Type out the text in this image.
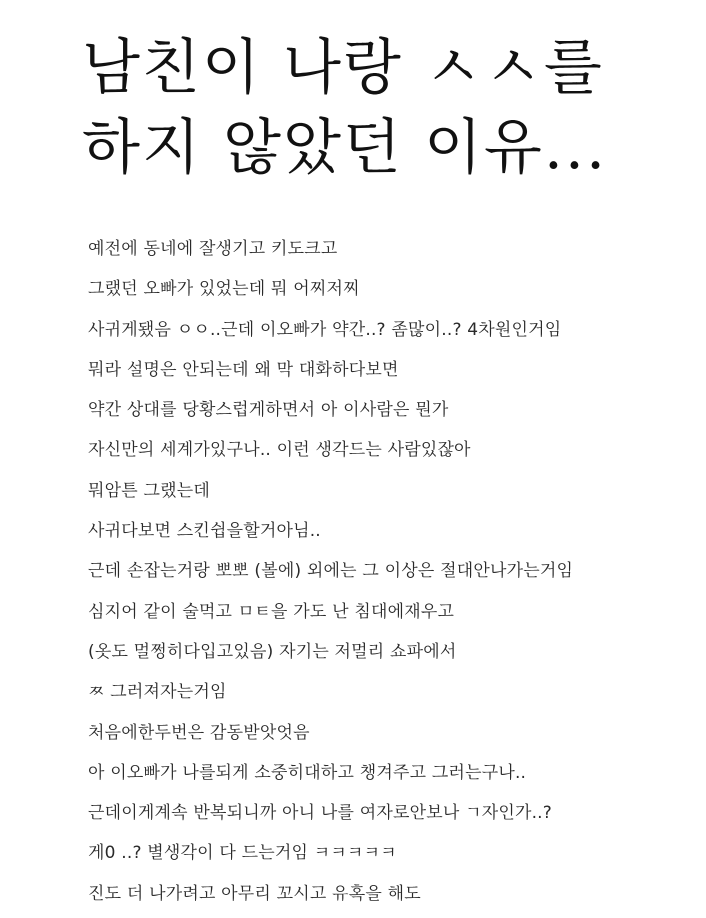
남친이 나랑 ㅅㅅ를
하지 않았던 이유...
예전에 동네에 잘생기고 키도크고
그랬던 오빠가 있었는데 뭐 어찌저찌
사귀게됐음 ㅇㅇ..근데 이오빠가 약간..? 좀많이..? 4차원인거임
뭐라 설명은 안되는데 왜 막 대화하다보면
약간 상대를 당황스럽게하면서 아 이사람은 뭔가
자신만의 세계가있구나.. 이런 생각드는 사람있잖아
뭐암튼 그랬는데
사귀다보면 스킨쉽을할거아님..
근데 손잡는거랑 뽀뽀 (볼에) 외에는 그 이상은 절대안나가는거임
심지어 같이 술먹고 ㅁㅌ을 가도 난 침대에재우고
(옷도 멀쩡히다입고있음) 자기는 저멀리 쇼파에서
ㅉ 그러져자는거임
처음에한두번은 감동받앗엇음
아 이오빠가 나를되게 소중히대하고 챙겨주고 그러는구나..
근데이게계속 반복되니까 아니 나를 여자로안보나 ㄱ자인가..?
게0 ..? 별생각이 다 드는거임 ㅋㅋㅋㅋㅋ
진도 더 나가려고 아무리 꼬시고 유혹을 해도
